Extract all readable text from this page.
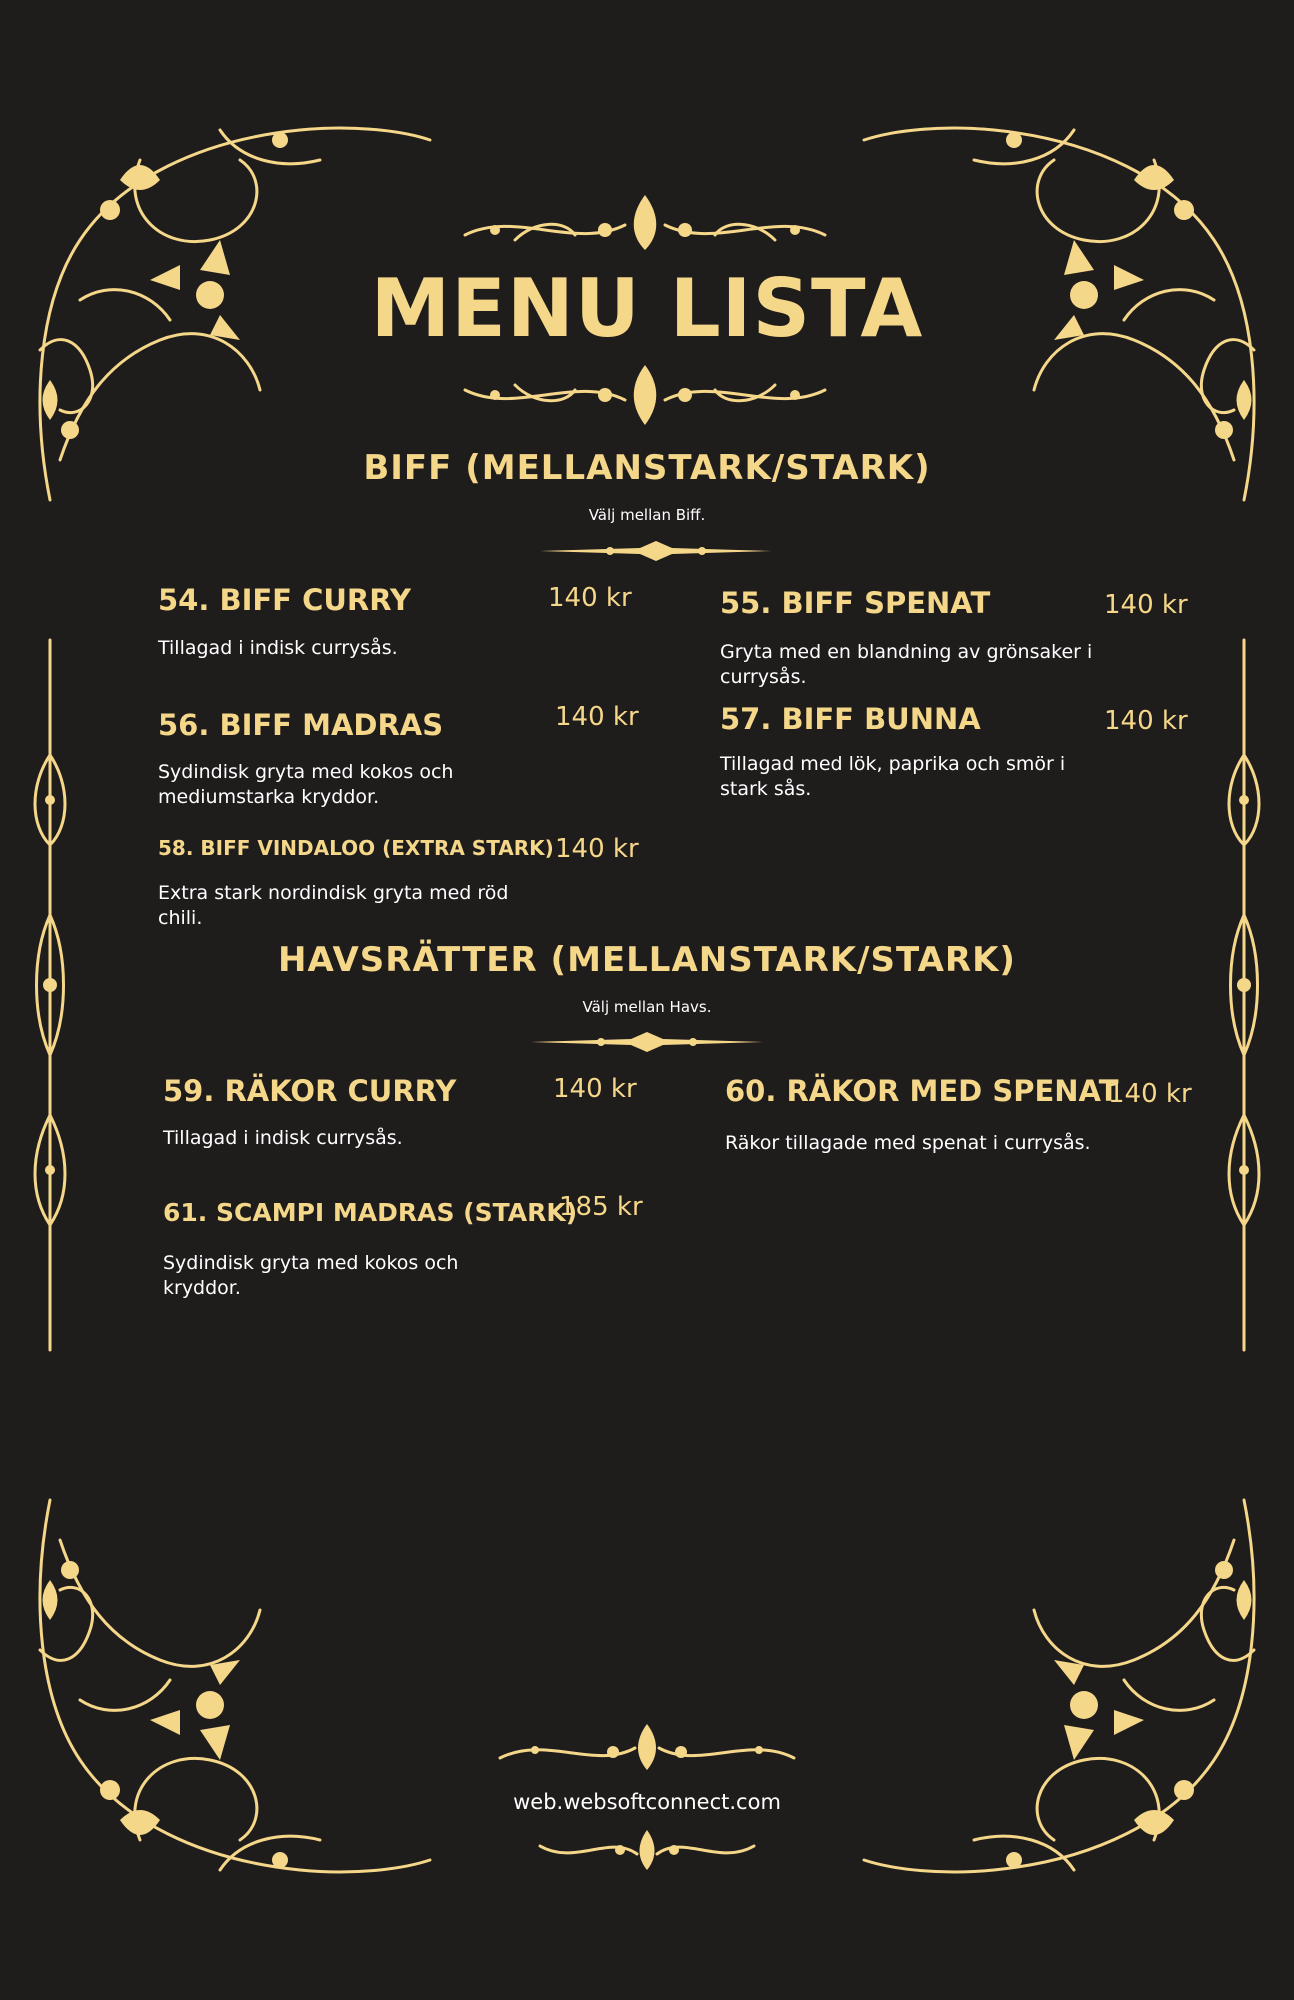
MENU LISTA
BIFF (MELLANSTARK/STARK)
Välj mellan Biff.
54. BIFF CURRY	140 kr
Tillagad i indisk currysås.
55. BIFF SPENAT	140 kr
Gryta med en blandning av grönsaker i currysås.
56. BIFF MADRAS	140 kr
Sydindisk gryta med kokos och mediumstarka kryddor.
57. BIFF BUNNA	140 kr
Tillagad med lök, paprika och smör i stark sås.
58. BIFF VINDALOO (EXTRA STARK) 140 kr
Extra stark nordindisk gryta med röd chili.
HAVSRÄTTER (MELLANSTARK/STARK)
Välj mellan Havs.
59. RÄKOR CURRY	140 kr
Tillagad i indisk currysås.
60. RÄKOR MED SPENAT
140 kr
Räkor tillagade med spenat i currysås.
61. SCAMPI MADRAS (STARK)
185 kr
Sydindisk gryta med kokos och kryddor.
web.websoftconnect.com
